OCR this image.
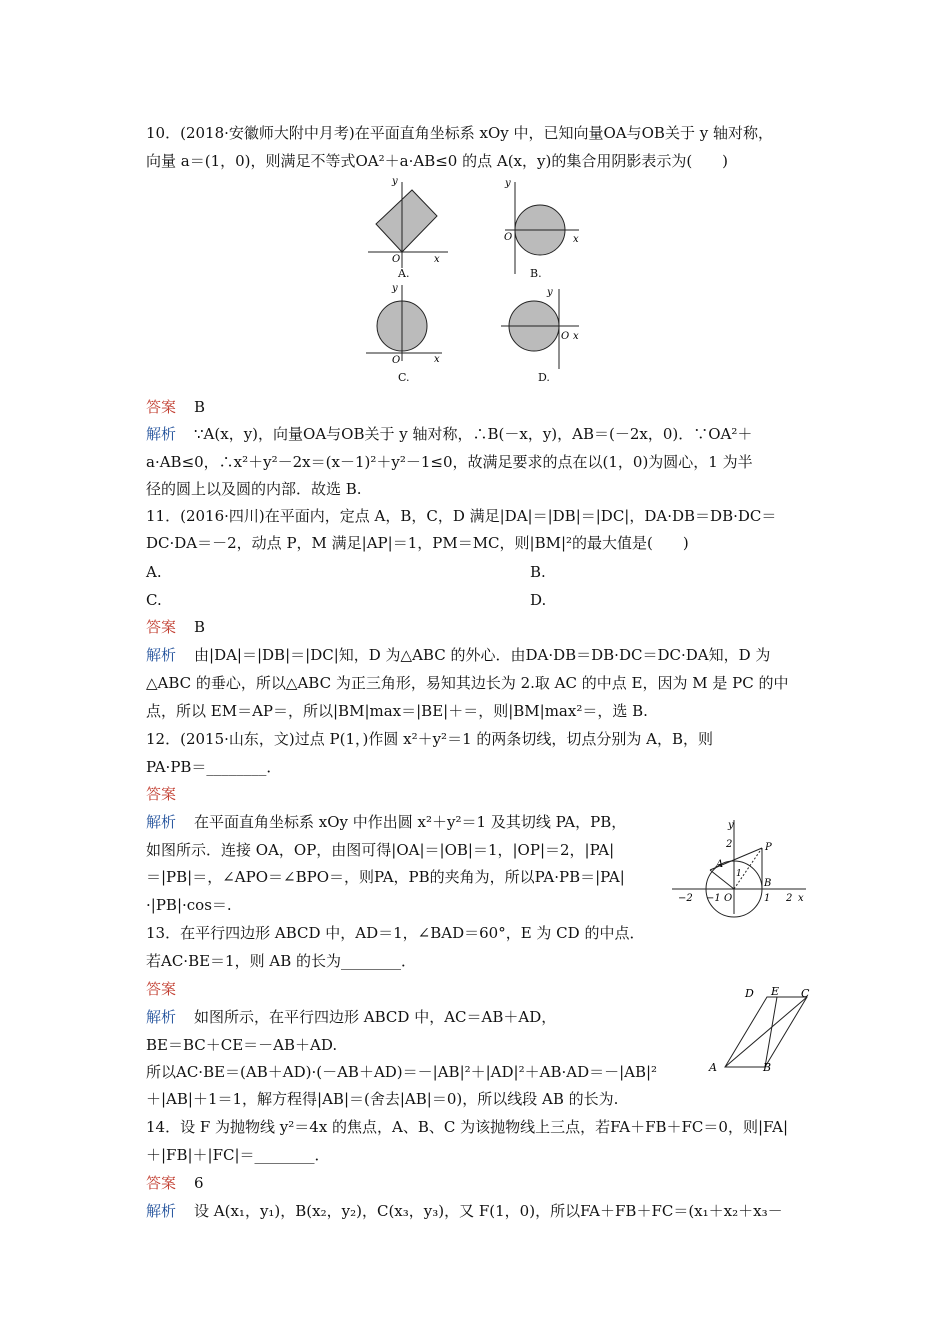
10．(2018·安徽师大附中月考)在平面直角坐标系 xOy 中，已知向量OA与OB关于 y 轴对称，
向量 a＝(1，0)，则满足不等式OA²＋a·AB≤0 的点 A(x，y)的集合用阴影表示为(　　)
y
O	x
A.
y
O	x
B.
y
O	x
C.
y
O x
D.
答案 B
解析 ∵A(x，y)，向量OA与OB关于 y 轴对称，∴B(－x，y)，AB＝(－2x，0)．∵OA²＋
a·AB≤0，∴x²＋y²－2x＝(x－1)²＋y²－1≤0，故满足要求的点在以(1，0)为圆心，1 为半
径的圆上以及圆的内部．故选 B.
11．(2016·四川)在平面内，定点 A，B，C，D 满足|DA|＝|DB|＝|DC|，DA·DB＝DB·DC＝
DC·DA＝－2，动点 P，M 满足|AP|＝1，PM＝MC，则|BM|²的最大值是(　　)
A.	B.
C.	D.
答案 B
解析 由|DA|＝|DB|＝|DC|知，D 为△ABC 的外心．由DA·DB＝DB·DC＝DC·DA知，D 为
△ABC 的垂心，所以△ABC 为正三角形，易知其边长为 2.取 AC 的中点 E，因为 M 是 PC 的中
点，所以 EM＝AP＝，所以|BM|max＝|BE|＋＝，则|BM|max²＝，选 B.
12．(2015·山东，文)过点 P(1，)作圆 x²＋y²＝1 的两条切线，切点分别为 A，B，则
PA·PB＝________．
答案
解析 在平面直角坐标系 xOy 中作出圆 x²＋y²＝1 及其切线 PA，PB，
如图所示．连接 OA，OP，由图可得|OA|＝|OB|＝1，|OP|＝2，|PA|
＝|PB|＝，∠APO＝∠BPO＝，则PA，PB的夹角为，所以PA·PB＝|PA|
·|PB|·cos＝.
y
2	P
A
1
B
−2 −1 O	1 2 x
13．在平行四边形 ABCD 中，AD＝1，∠BAD＝60°，E 为 CD 的中点．
若AC·BE＝1，则 AB 的长为________．
答案
解析 如图所示，在平行四边形 ABCD 中，AC＝AB＋AD，
BE＝BC＋CE＝－AB＋AD.
所以AC·BE＝(AB＋AD)·(－AB＋AD)＝－|AB|²＋|AD|²＋AB·AD＝－|AB|²
＋|AB|＋1＝1，解方程得|AB|＝(舍去|AB|＝0)，所以线段 AB 的长为.
D E C
A	B
14．设 F 为抛物线 y²＝4x 的焦点，A、B、C 为该抛物线上三点，若FA＋FB＋FC＝0，则|FA|
＋|FB|＋|FC|＝________．
答案 6
解析 设 A(x₁，y₁)，B(x₂，y₂)，C(x₃，y₃)，又 F(1，0)，所以FA＋FB＋FC＝(x₁＋x₂＋x₃－
